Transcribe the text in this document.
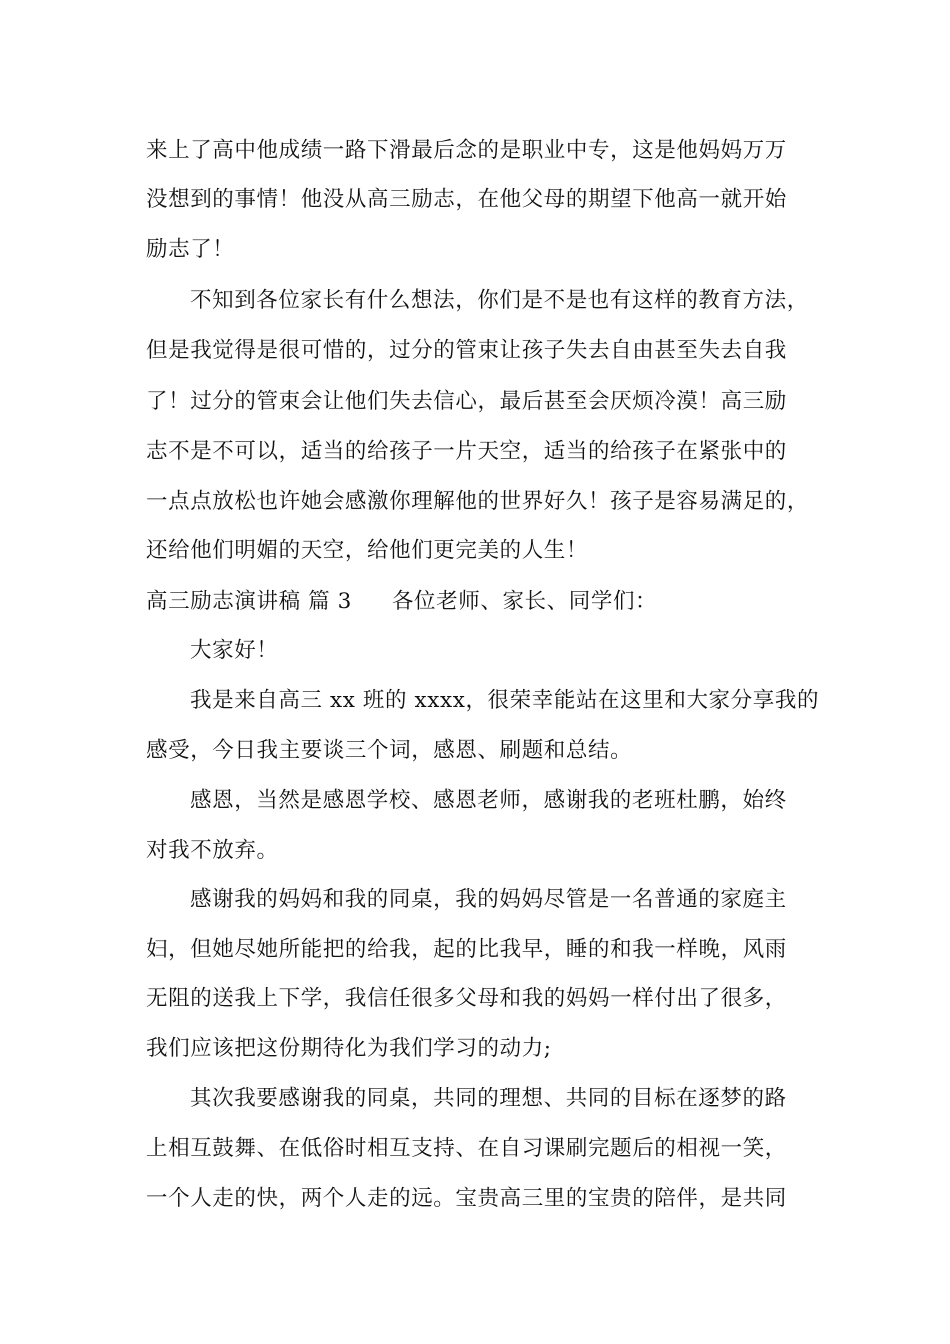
来上了高中他成绩一路下滑最后念的是职业中专，这是他妈妈万万
没想到的事情！他没从高三励志，在他父母的期望下他高一就开始
励志了！
不知到各位家长有什么想法，你们是不是也有这样的教育方法，
但是我觉得是很可惜的，过分的管束让孩子失去自由甚至失去自我
了！过分的管束会让他们失去信心，最后甚至会厌烦冷漠！高三励
志不是不可以，适当的给孩子一片天空，适当的给孩子在紧张中的
一点点放松也许她会感激你理解他的世界好久！孩子是容易满足的，
还给他们明媚的天空，给他们更完美的人生！
高三励志演讲稿 篇 3 各位老师、家长、同学们：
大家好！
我是来自高三 xx 班的 xxxx，很荣幸能站在这里和大家分享我的
感受，今日我主要谈三个词，感恩、刷题和总结。
感恩，当然是感恩学校、感恩老师，感谢我的老班杜鹏，始终
对我不放弃。
感谢我的妈妈和我的同桌，我的妈妈尽管是一名普通的家庭主
妇，但她尽她所能把的给我，起的比我早，睡的和我一样晚，风雨
无阻的送我上下学，我信任很多父母和我的妈妈一样付出了很多，
我们应该把这份期待化为我们学习的动力;
其次我要感谢我的同桌，共同的理想、共同的目标在逐梦的路
上相互鼓舞、在低俗时相互支持、在自习课刷完题后的相视一笑，
一个人走的快，两个人走的远。宝贵高三里的宝贵的陪伴，是共同
